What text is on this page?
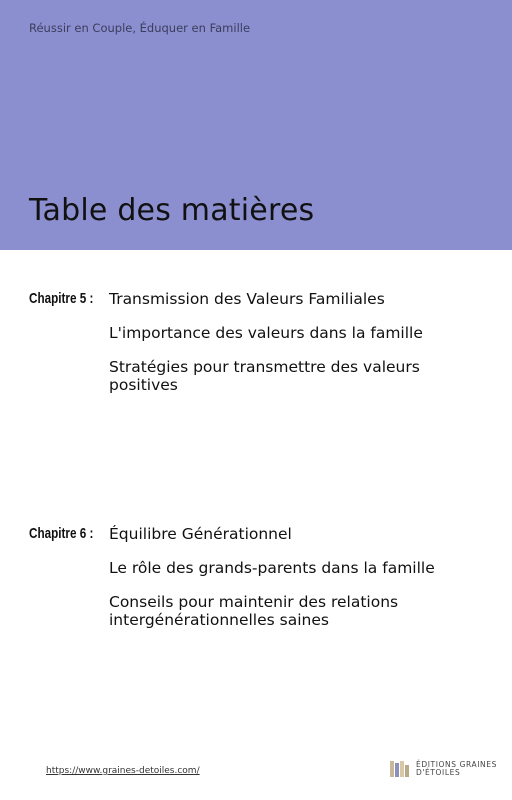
Réussir en Couple, Éduquer en Famille
Table des matières
Chapitre 5 : Transmission des Valeurs Familiales

L'importance des valeurs dans la famille

Stratégies pour transmettre des valeurs positives

Chapitre 6 : Équilibre Générationnel

Le rôle des grands-parents dans la famille

Conseils pour maintenir des relations intergénérationnelles saines

https://www.graines-detoiles.com/
ÉDITIONS GRAINES
D'ÉTOILES
